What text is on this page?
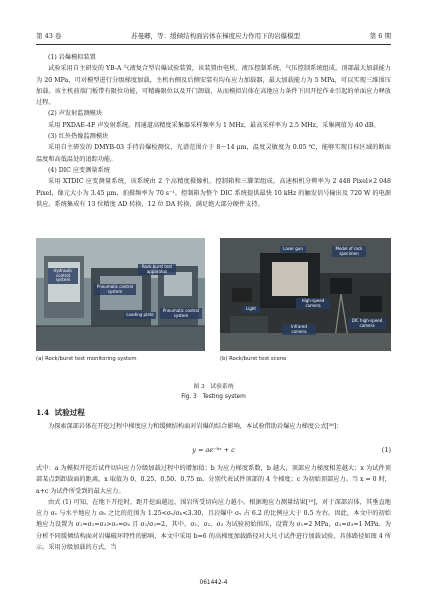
第 43 卷	苏曼卿，等：缓倾结构面岩体在梯度应力作用下的岩爆模型	第 6 期

(1) 岩爆模拟装置

试验采用自主研发的 YB-A 气液复合型岩爆试验装置，该装置由电机、液压控制系统、气压控制系统组成。顶部最大加载能力为 20 MPa，可对模型进行分级梯度加载，主机右侧及后侧安装有均布应力加载器，最大加载能力为 5 MPa，可以实现三维围压加载。该主机前端门板带有限位功能，可精确限位以及开门卸载，从而模拟岩体在高地应力条件下因开挖作业引起的单面应力释放过程。

(2) 声发射监测模块

采用 PXDAE-4F 声发射系统。四通道高精度采集器采样频率为 1 MHz，最高采样率为 2.5 MHz，采集阈值为 40 dB。

(3) 红外热像监测模块

采用自主研发的 DMYB-03 手持岩爆检测仪，光谱范围介于 8～14 μm，温度灵敏度为 0.05 ℃，能够实现目标区域的断面温度和高低温处的追踪功能。

(4) DIC 应变测量系统

采用 XTDIC 应变测量系统，该系统由 2 个高精度摄像机、控制箱和三脚架组成。高速相机分辨率为 2 448 Pixel×2 048 Pixel，像元大小为 3.45 μm，拍摄频率为 70 s⁻¹。控制箱为整个 DIC 系统提供最快 10 kHz 的触发信号输出及 720 W 的电源供应。系统集成有 13 位精度 AD 转换，12 位 DA 转换，满足绝大部分硬件支持。

Hydraulic control system
Pneumatic control system
Rock burst test apparatus
Loading plate
Pneumatic control system
Laser gun	Model of rock specimen
Light
High-speed camera
Infrared camera
DIC high-speed camera
(a) Rock/burst test monitoring system	(b) Rock/burst test scene
图 3　试验系统
Fig. 3　Testing system
1.4 试验过程

为探索深部岩体在开挖过程中梯度应力和缓倾结构面对岩爆的综合影响，本试验借助岩爆应力梯度公式[²⁶]：

y = ae⁻ᵇˣ + c	(1)

式中：a 为模拟开挖后试件切向应力分级加载过程中的增加值；b 为应力梯度系数，b 越大，顶部应力梯度相差越大；x 为试件顶部某点到卸载面的距离，x 取值为 0、0.25、0.50、0.75 m，分别代表试件顶部的 4 个梯度；c 为初始顶部应力。当 x = 0 时，a+c 为试件所受到的最大应力。

由式 (1) 可知，在地下开挖时，距开挖面越远，围岩所受切向应力越小。根据地应力测量结果[¹⁰]，对于深部岩体，其垂直地应力 σᵥ 与水平地应力 σₕ 之比的范围为 1.25<σᵥ/σₕ<3.30，且岩爆中 σᵥ 占 6.2 的比例应大于 0.5 左右。因此，本文中的初始地应力设置为 σ₁=σ₂=σ₃>σᵥ=σₕ 且 σ₁/σ₃=2，其中，σ₁、σ₂、σ₃ 为试验初始围压，设置为 σ₁=2 MPa，σ₂=σ₃=1 MPa。为分析不同缓倾结构面对岩爆破坏特性的影响，本文中采用 b=6 的高梯度加载路径对大尺寸试件进行加载试验，具体路径如图 4 所示。采用分级加载的方式，当

061442-4
